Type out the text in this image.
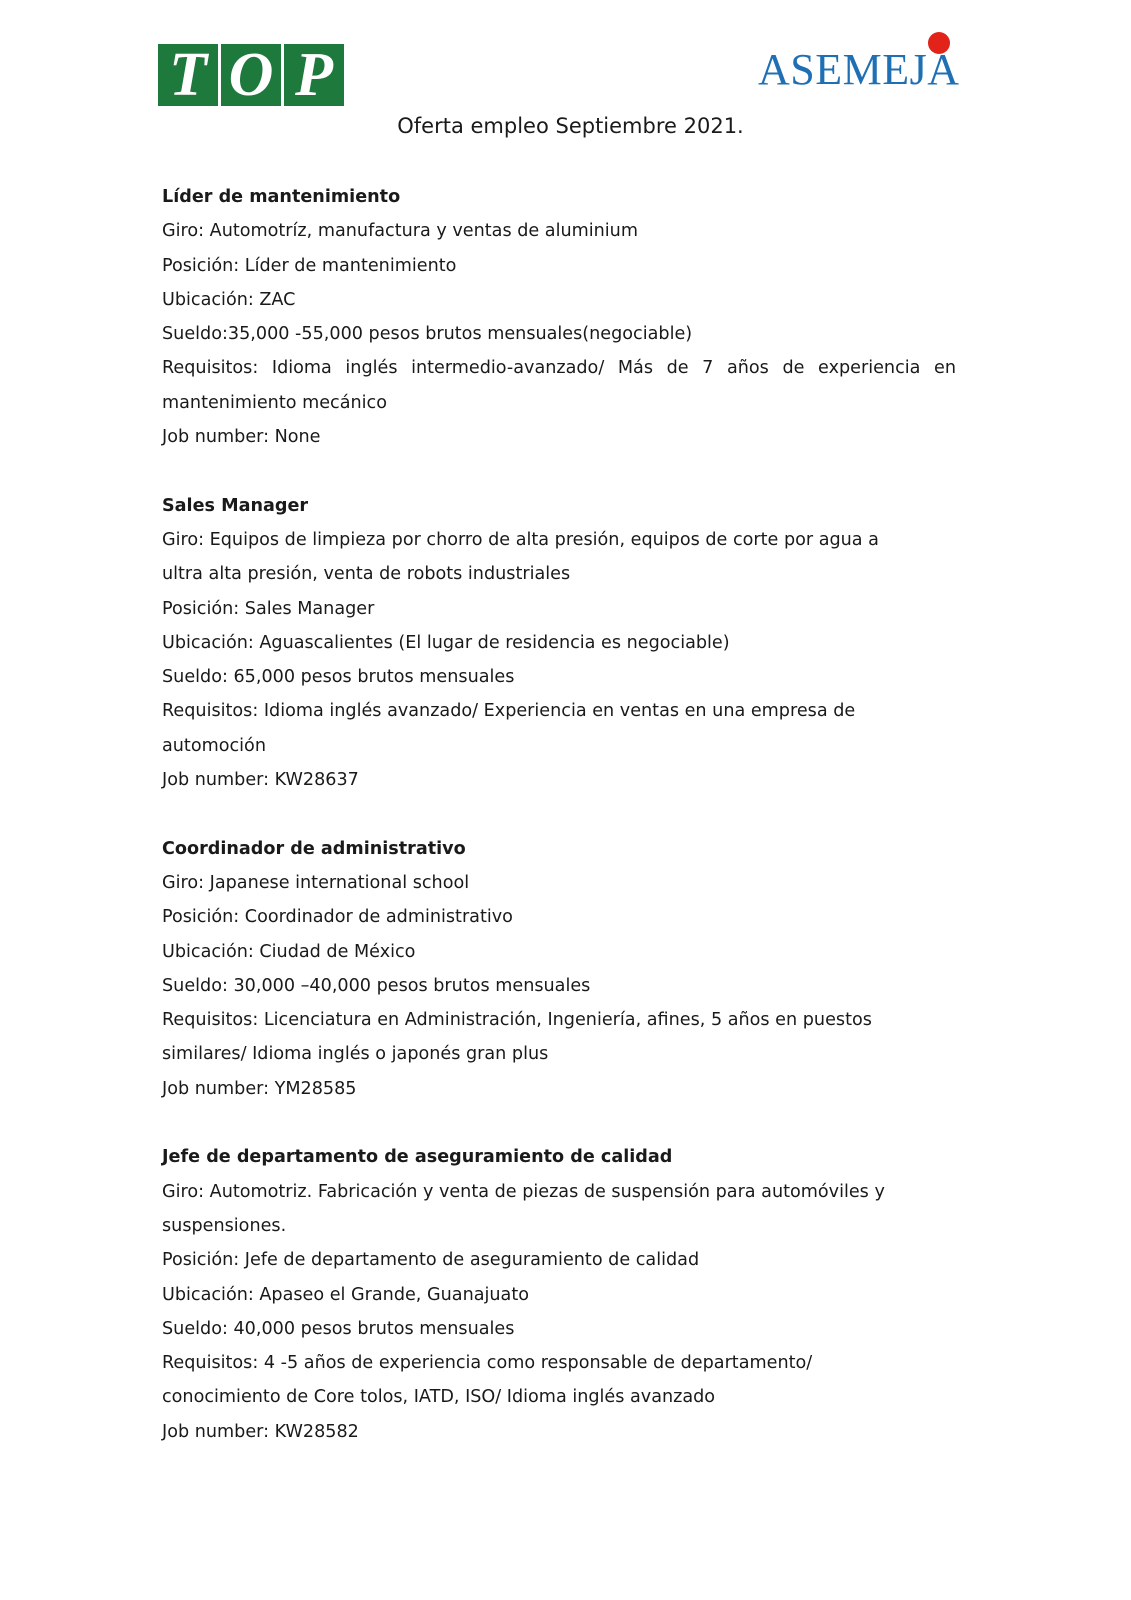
T O P	ASEMEJA
Oferta empleo Septiembre 2021.
Líder de mantenimiento
Giro: Automotríz, manufactura y ventas de aluminium
Posición: Líder de mantenimiento
Ubicación: ZAC
Sueldo:35,000 -55,000 pesos brutos mensuales(negociable)
Requisitos: Idioma inglés intermedio-avanzado/ Más de 7 años de experiencia en mantenimiento mecánico
Job number: None
Sales Manager
Giro: Equipos de limpieza por chorro de alta presión, equipos de corte por agua a ultra alta presión, venta de robots industriales
Posición: Sales Manager
Ubicación: Aguascalientes (El lugar de residencia es negociable)
Sueldo: 65,000 pesos brutos mensuales
Requisitos: Idioma inglés avanzado/ Experiencia en ventas en una empresa de automoción
Job number: KW28637
Coordinador de administrativo
Giro: Japanese international school
Posición: Coordinador de administrativo
Ubicación: Ciudad de México
Sueldo: 30,000 –40,000 pesos brutos mensuales
Requisitos: Licenciatura en Administración, Ingeniería, afines, 5 años en puestos similares/ Idioma inglés o japonés gran plus
Job number: YM28585
Jefe de departamento de aseguramiento de calidad
Giro: Automotriz. Fabricación y venta de piezas de suspensión para automóviles y suspensiones.
Posición: Jefe de departamento de aseguramiento de calidad
Ubicación: Apaseo el Grande, Guanajuato
Sueldo: 40,000 pesos brutos mensuales
Requisitos: 4 -5 años de experiencia como responsable de departamento/ conocimiento de Core tolos, IATD, ISO/ Idioma inglés avanzado
Job number: KW28582
